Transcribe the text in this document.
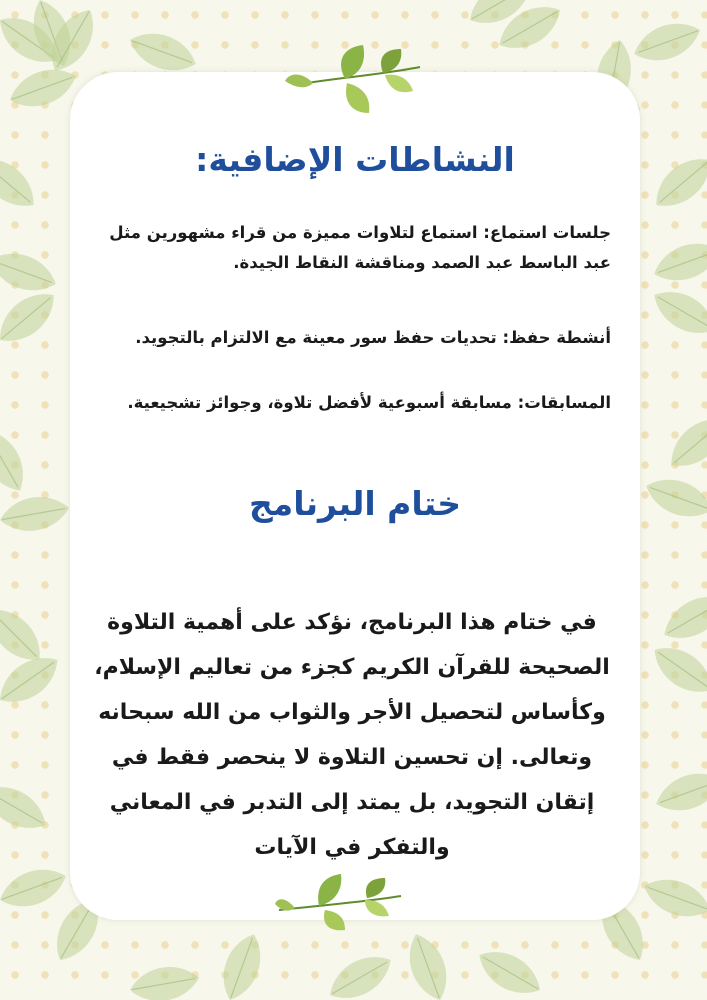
النشاطات الإضافية:

جلسات استماع: استماع لتلاوات مميزة من قراء مشهورين مثل عبد الباسط عبد الصمد ومناقشة النقاط الجيدة.

أنشطة حفظ: تحديات حفظ سور معينة مع الالتزام بالتجويد.

المسابقات: مسابقة أسبوعية لأفضل تلاوة، وجوائز تشجيعية.

ختام البرنامج

في ختام هذا البرنامج، نؤكد على أهمية التلاوة الصحيحة للقرآن الكريم كجزء من تعاليم الإسلام، وكأساس لتحصيل الأجر والثواب من الله سبحانه وتعالى. إن تحسين التلاوة لا ينحصر فقط في إتقان التجويد، بل يمتد إلى التدبر في المعاني والتفكر في الآيات
